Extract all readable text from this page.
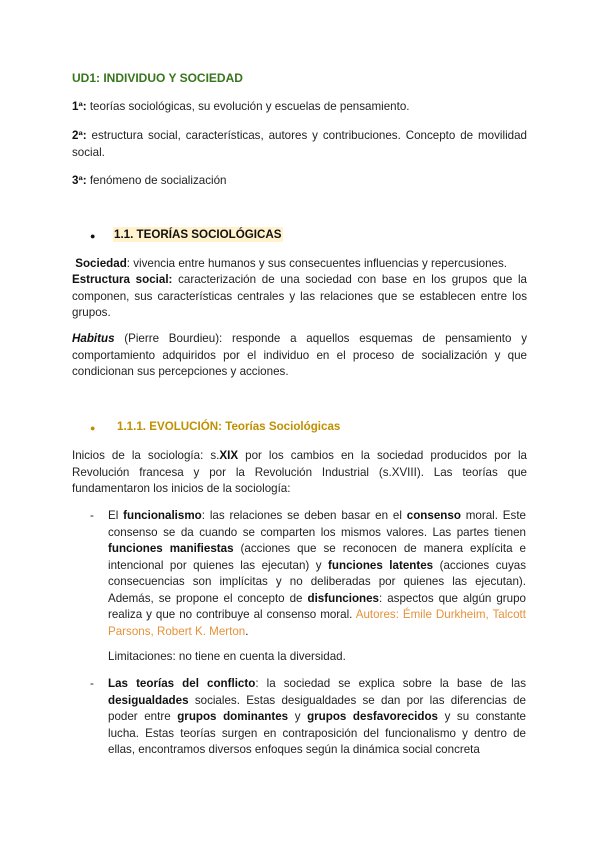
UD1: INDIVIDUO Y SOCIEDAD

1ª: teorías sociológicas, su evolución y escuelas de pensamiento.

2ª: estructura social, características, autores y contribuciones. Concepto de movilidad social.

3ª: fenómeno de socialización

● 1.1. TEORÍAS SOCIOLÓGICAS

Sociedad: vivencia entre humanos y sus consecuentes influencias y repercusiones.

Estructura social: caracterización de una sociedad con base en los grupos que la componen, sus características centrales y las relaciones que se establecen entre los grupos.

Habitus (Pierre Bourdieu): responde a aquellos esquemas de pensamiento y comportamiento adquiridos por el individuo en el proceso de socialización y que condicionan sus percepciones y acciones.

● 1.1.1. EVOLUCIÓN: Teorías Sociológicas

Inicios de la sociología: s.XIX por los cambios en la sociedad producidos por la Revolución francesa y por la Revolución Industrial (s.XVIII). Las teorías que fundamentaron los inicios de la sociología:

- El funcionalismo: las relaciones se deben basar en el consenso moral. Este consenso se da cuando se comparten los mismos valores. Las partes tienen funciones manifiestas (acciones que se reconocen de manera explícita e intencional por quienes las ejecutan) y funciones latentes (acciones cuyas consecuencias son implícitas y no deliberadas por quienes las ejecutan). Además, se propone el concepto de disfunciones: aspectos que algún grupo realiza y que no contribuye al consenso moral. Autores: Émile Durkheim, Talcott Parsons, Robert K. Merton.

Limitaciones: no tiene en cuenta la diversidad.

- Las teorías del conflicto: la sociedad se explica sobre la base de las desigualdades sociales. Estas desigualdades se dan por las diferencias de poder entre grupos dominantes y grupos desfavorecidos y su constante lucha. Estas teorías surgen en contraposición del funcionalismo y dentro de ellas, encontramos diversos enfoques según la dinámica social concreta
